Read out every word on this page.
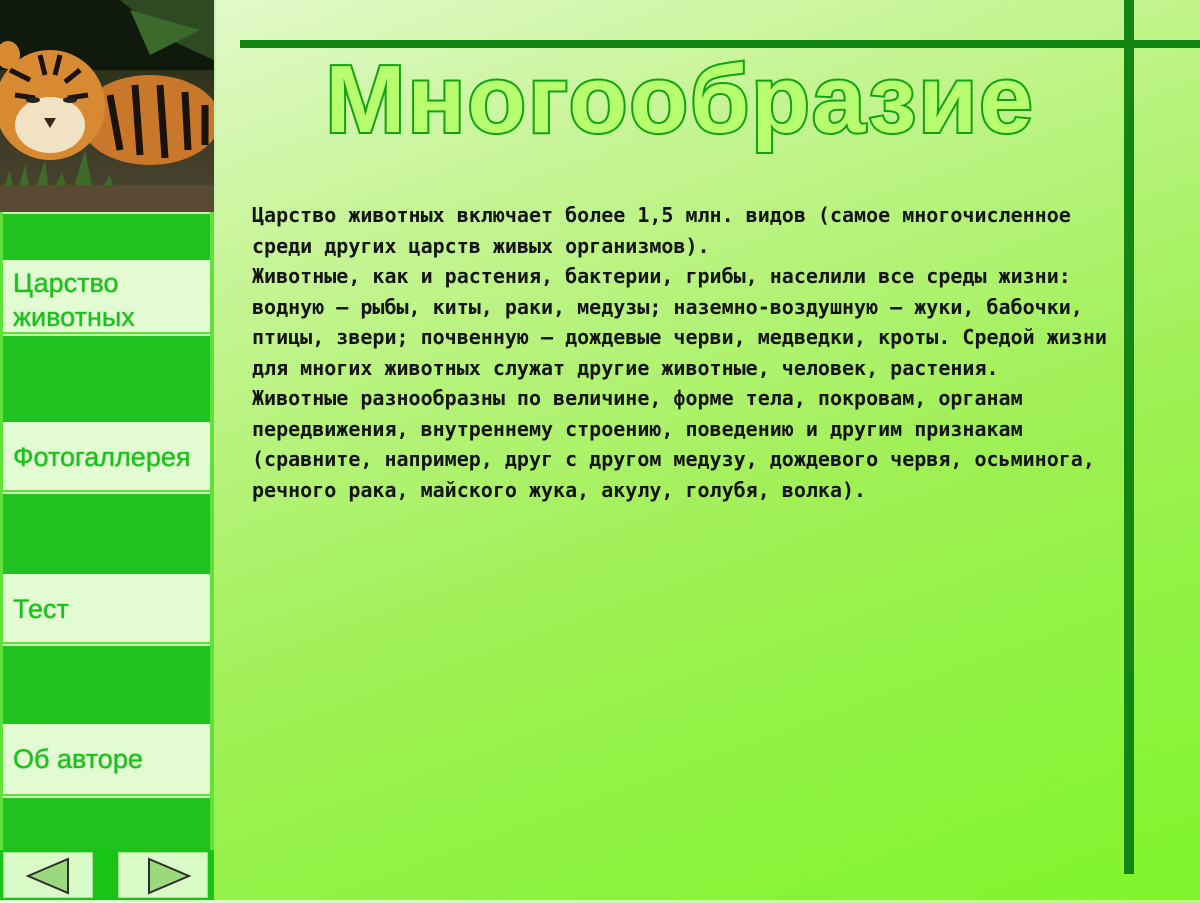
Царство
животных
Фотогаллерея
Тест
Об авторе
Многообразие

Царство животных включает более 1,5 млн. видов (самое многочисленное среди других царств живых организмов).

Животные, как и растения, бактерии, грибы, населили все среды жизни: водную — рыбы, киты, раки, медузы; наземно-воздушную — жуки, бабочки, птицы, звери; почвенную — дождевые черви, медведки, кроты. Средой жизни для многих животных служат другие животные, человек, растения.

Животные разнообразны по величине, форме тела, покровам, органам передвижения, внутреннему строению, поведению и другим признакам (сравните, например, друг с другом медузу, дождевого червя, осьминога, речного рака, майского жука, акулу, голубя, волка).
